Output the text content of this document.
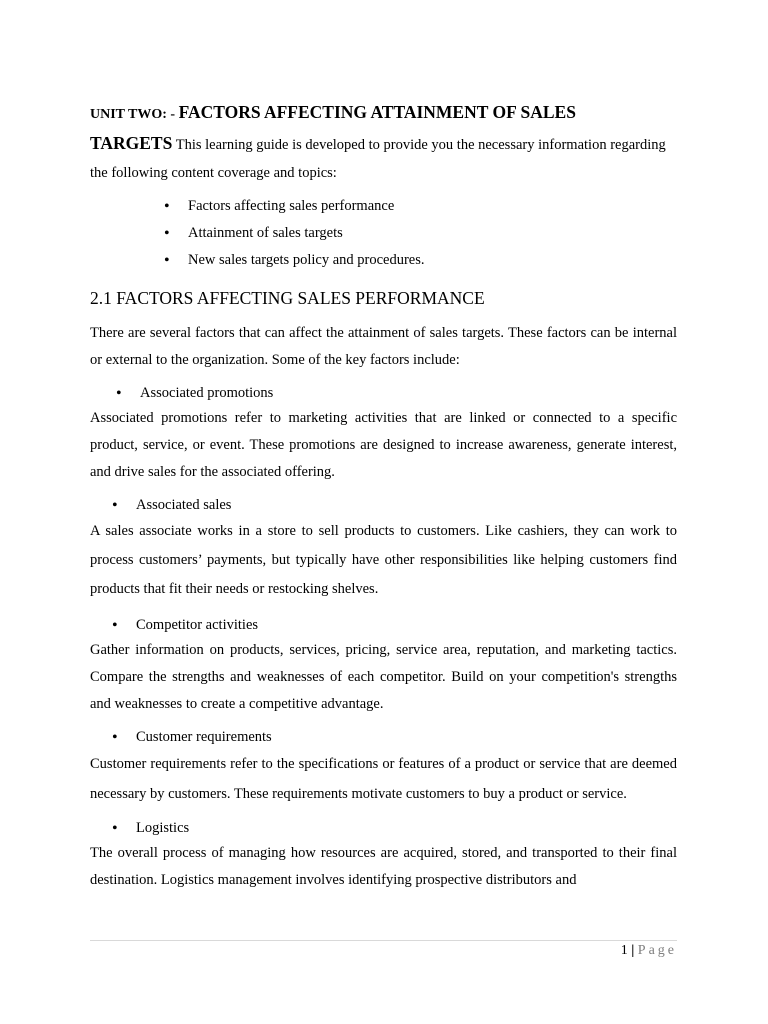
UNIT TWO: - FACTORS AFFECTING ATTAINMENT OF SALES

TARGETS This learning guide is developed to provide you the necessary information regarding the following content coverage and topics:

• Factors affecting sales performance
• Attainment of sales targets
• New sales targets policy and procedures.
2.1 FACTORS AFFECTING SALES PERFORMANCE

There are several factors that can affect the attainment of sales targets. These factors can be internal or external to the organization. Some of the key factors include:

• Associated promotions

Associated promotions refer to marketing activities that are linked or connected to a specific product, service, or event. These promotions are designed to increase awareness, generate interest, and drive sales for the associated offering.

• Associated sales

A sales associate works in a store to sell products to customers. Like cashiers, they can work to process customers’ payments, but typically have other responsibilities like helping customers find products that fit their needs or restocking shelves.

• Competitor activities

Gather information on products, services, pricing, service area, reputation, and marketing tactics. Compare the strengths and weaknesses of each competitor. Build on your competition's strengths and weaknesses to create a competitive advantage.

• Customer requirements

Customer requirements refer to the specifications or features of a product or service that are deemed necessary by customers. These requirements motivate customers to buy a product or service.

• Logistics

The overall process of managing how resources are acquired, stored, and transported to their final destination. Logistics management involves identifying prospective distributors and

1 | Page
